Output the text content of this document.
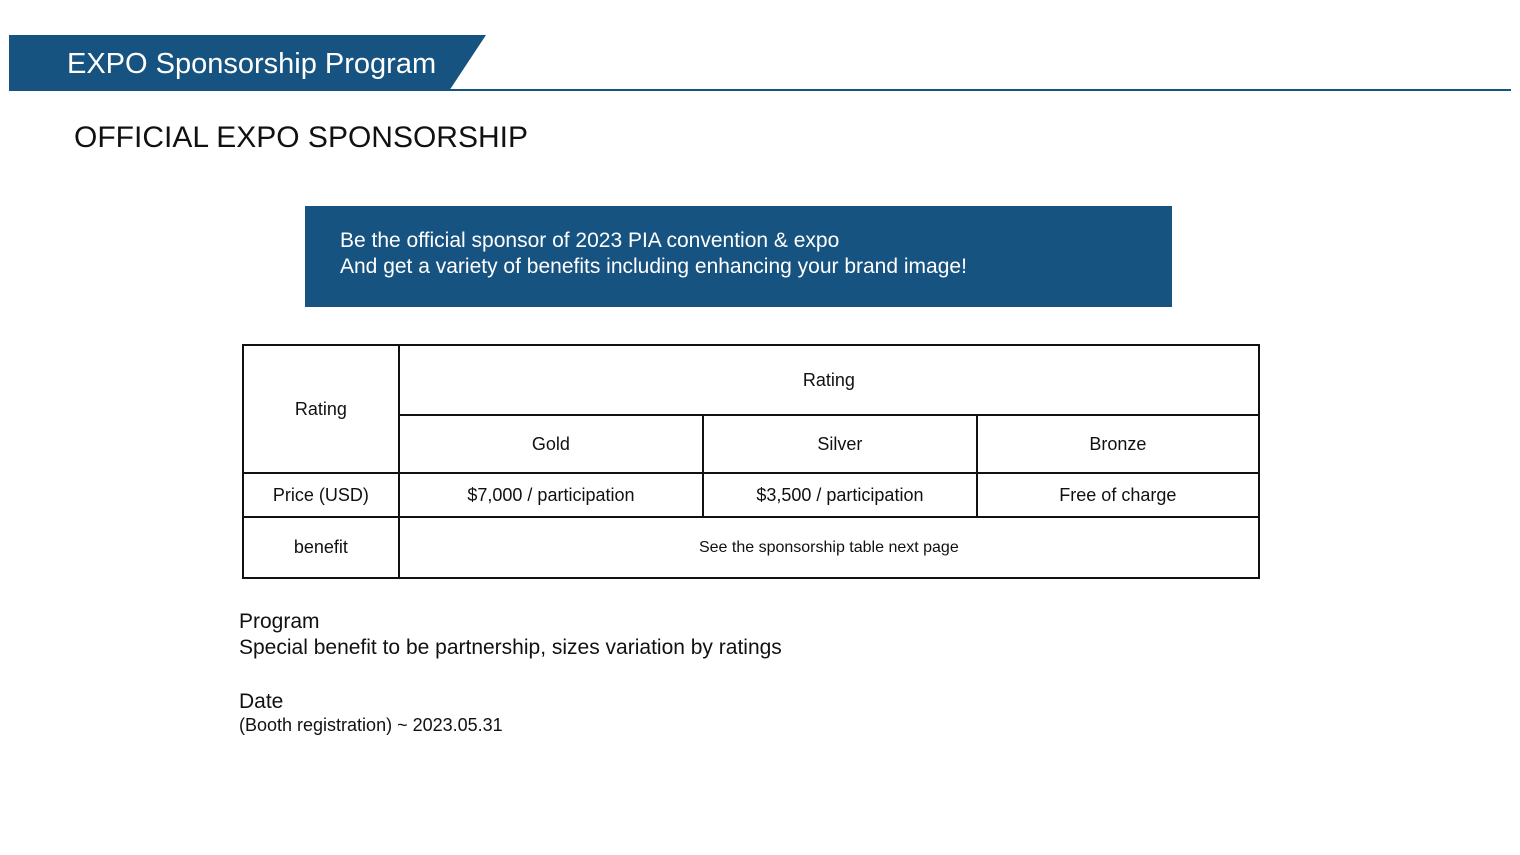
EXPO Sponsorship Program
OFFICIAL EXPO SPONSORSHIP
Be the official sponsor of 2023 PIA convention & expo
And get a variety of benefits including enhancing your brand image!
Rating	Rating		
	Gold	Silver	Bronze
Price (USD)	$7,000 / participation	$3,500 / participation	Free of charge
benefit	See the sponsorship table next page		
Program
Special benefit to be partnership, sizes variation by ratings
Date
(Booth registration) ~ 2023.05.31
